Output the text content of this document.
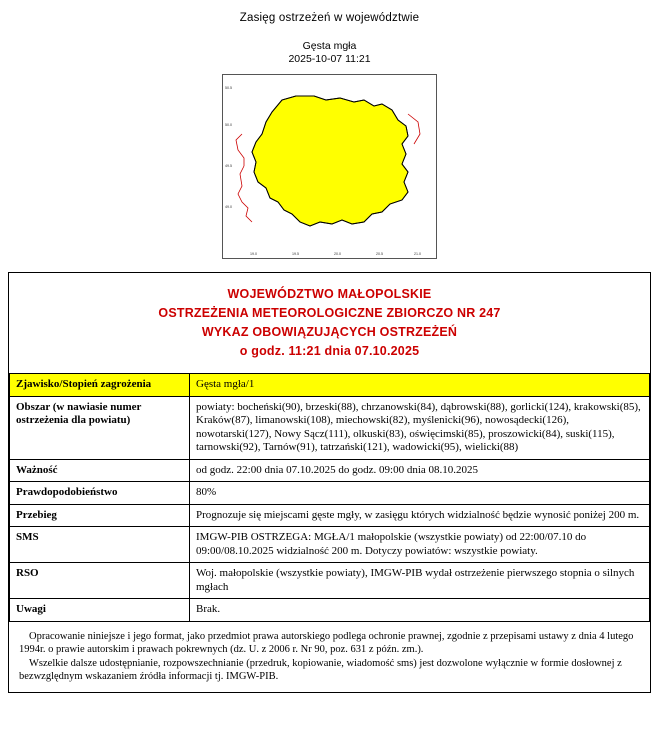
Zasięg ostrzeżeń w województwie
Gęsta mgła
2025-10-07 11:21
50.5
50.0
49.5
49.0
19.0	19.5	20.0	20.5	21.0
WOJEWÓDZTWO MAŁOPOLSKIE
OSTRZEŻENIA METEOROLOGICZNE ZBIORCZO NR 247
WYKAZ OBOWIĄZUJĄCYCH OSTRZEŻEŃ
o godz. 11:21 dnia 07.10.2025
Zjawisko/Stopień zagrożenia	Gęsta mgła/1
Obszar (w nawiasie numer ostrzeżenia dla powiatu)	powiaty: bocheński(90), brzeski(88), chrzanowski(84), dąbrowski(88), gorlicki(124), krakowski(85), Kraków(87), limanowski(108), miechowski(82), myślenicki(96), nowosądecki(126), nowotarski(127), Nowy Sącz(111), olkuski(83), oświęcimski(85), proszowicki(84), suski(115), tarnowski(92), Tarnów(91), tatrzański(121), wadowicki(95), wielicki(88)
Ważność	od godz. 22:00 dnia 07.10.2025 do godz. 09:00 dnia 08.10.2025
Prawdopodobieństwo	80%
Przebieg	Prognozuje się miejscami gęste mgły, w zasięgu których widzialność będzie wynosić poniżej 200 m.
SMS	IMGW-PIB OSTRZEGA: MGŁA/1 małopolskie (wszystkie powiaty) od 22:00/07.10 do 09:00/08.10.2025 widzialność 200 m. Dotyczy powiatów: wszystkie powiaty.
RSO	Woj. małopolskie (wszystkie powiaty), IMGW-PIB wydał ostrzeżenie pierwszego stopnia o silnych mgłach
Uwagi	Brak.

Opracowanie niniejsze i jego format, jako przedmiot prawa autorskiego podlega ochronie prawnej, zgodnie z przepisami ustawy z dnia 4 lutego 1994r. o prawie autorskim i prawach pokrewnych (dz. U. z 2006 r. Nr 90, poz. 631 z późn. zm.).

Wszelkie dalsze udostępnianie, rozpowszechnianie (przedruk, kopiowanie, wiadomość sms) jest dozwolone wyłącznie w formie dosłownej z bezwzględnym wskazaniem źródła informacji tj. IMGW-PIB.
